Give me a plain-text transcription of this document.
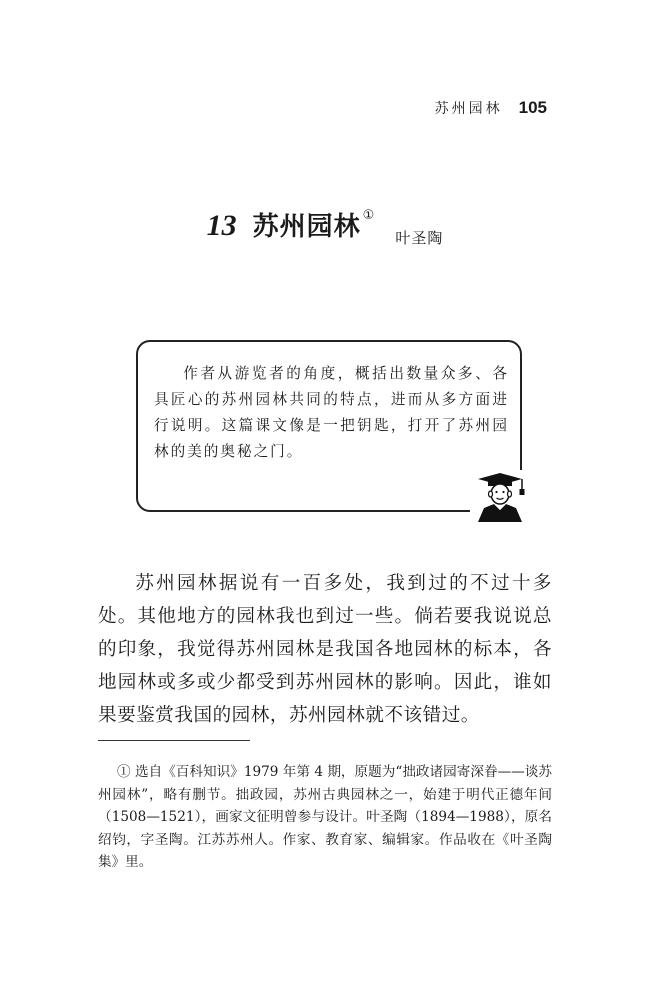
苏州园林 105
13 苏州园林 ①
叶圣陶

作者从游览者的角度，概括出数量众多、各具匠心的苏州园林共同的特点，进而从多方面进行说明。这篇课文像是一把钥匙，打开了苏州园林的美的奥秘之门。

苏州园林据说有一百多处，我到过的不过十多处。其他地方的园林我也到过一些。倘若要我说说总的印象，我觉得苏州园林是我国各地园林的标本，各地园林或多或少都受到苏州园林的影响。因此，谁如果要鉴赏我国的园林，苏州园林就不该错过。

① 选自《百科知识》1979 年第 4 期，原题为“拙政诸园寄深眷——谈苏州园林”，略有删节。拙政园，苏州古典园林之一，始建于明代正德年间（1508—1521），画家文征明曾参与设计。叶圣陶（1894—1988），原名绍钧，字圣陶。江苏苏州人。作家、教育家、编辑家。作品收在《叶圣陶集》里。
